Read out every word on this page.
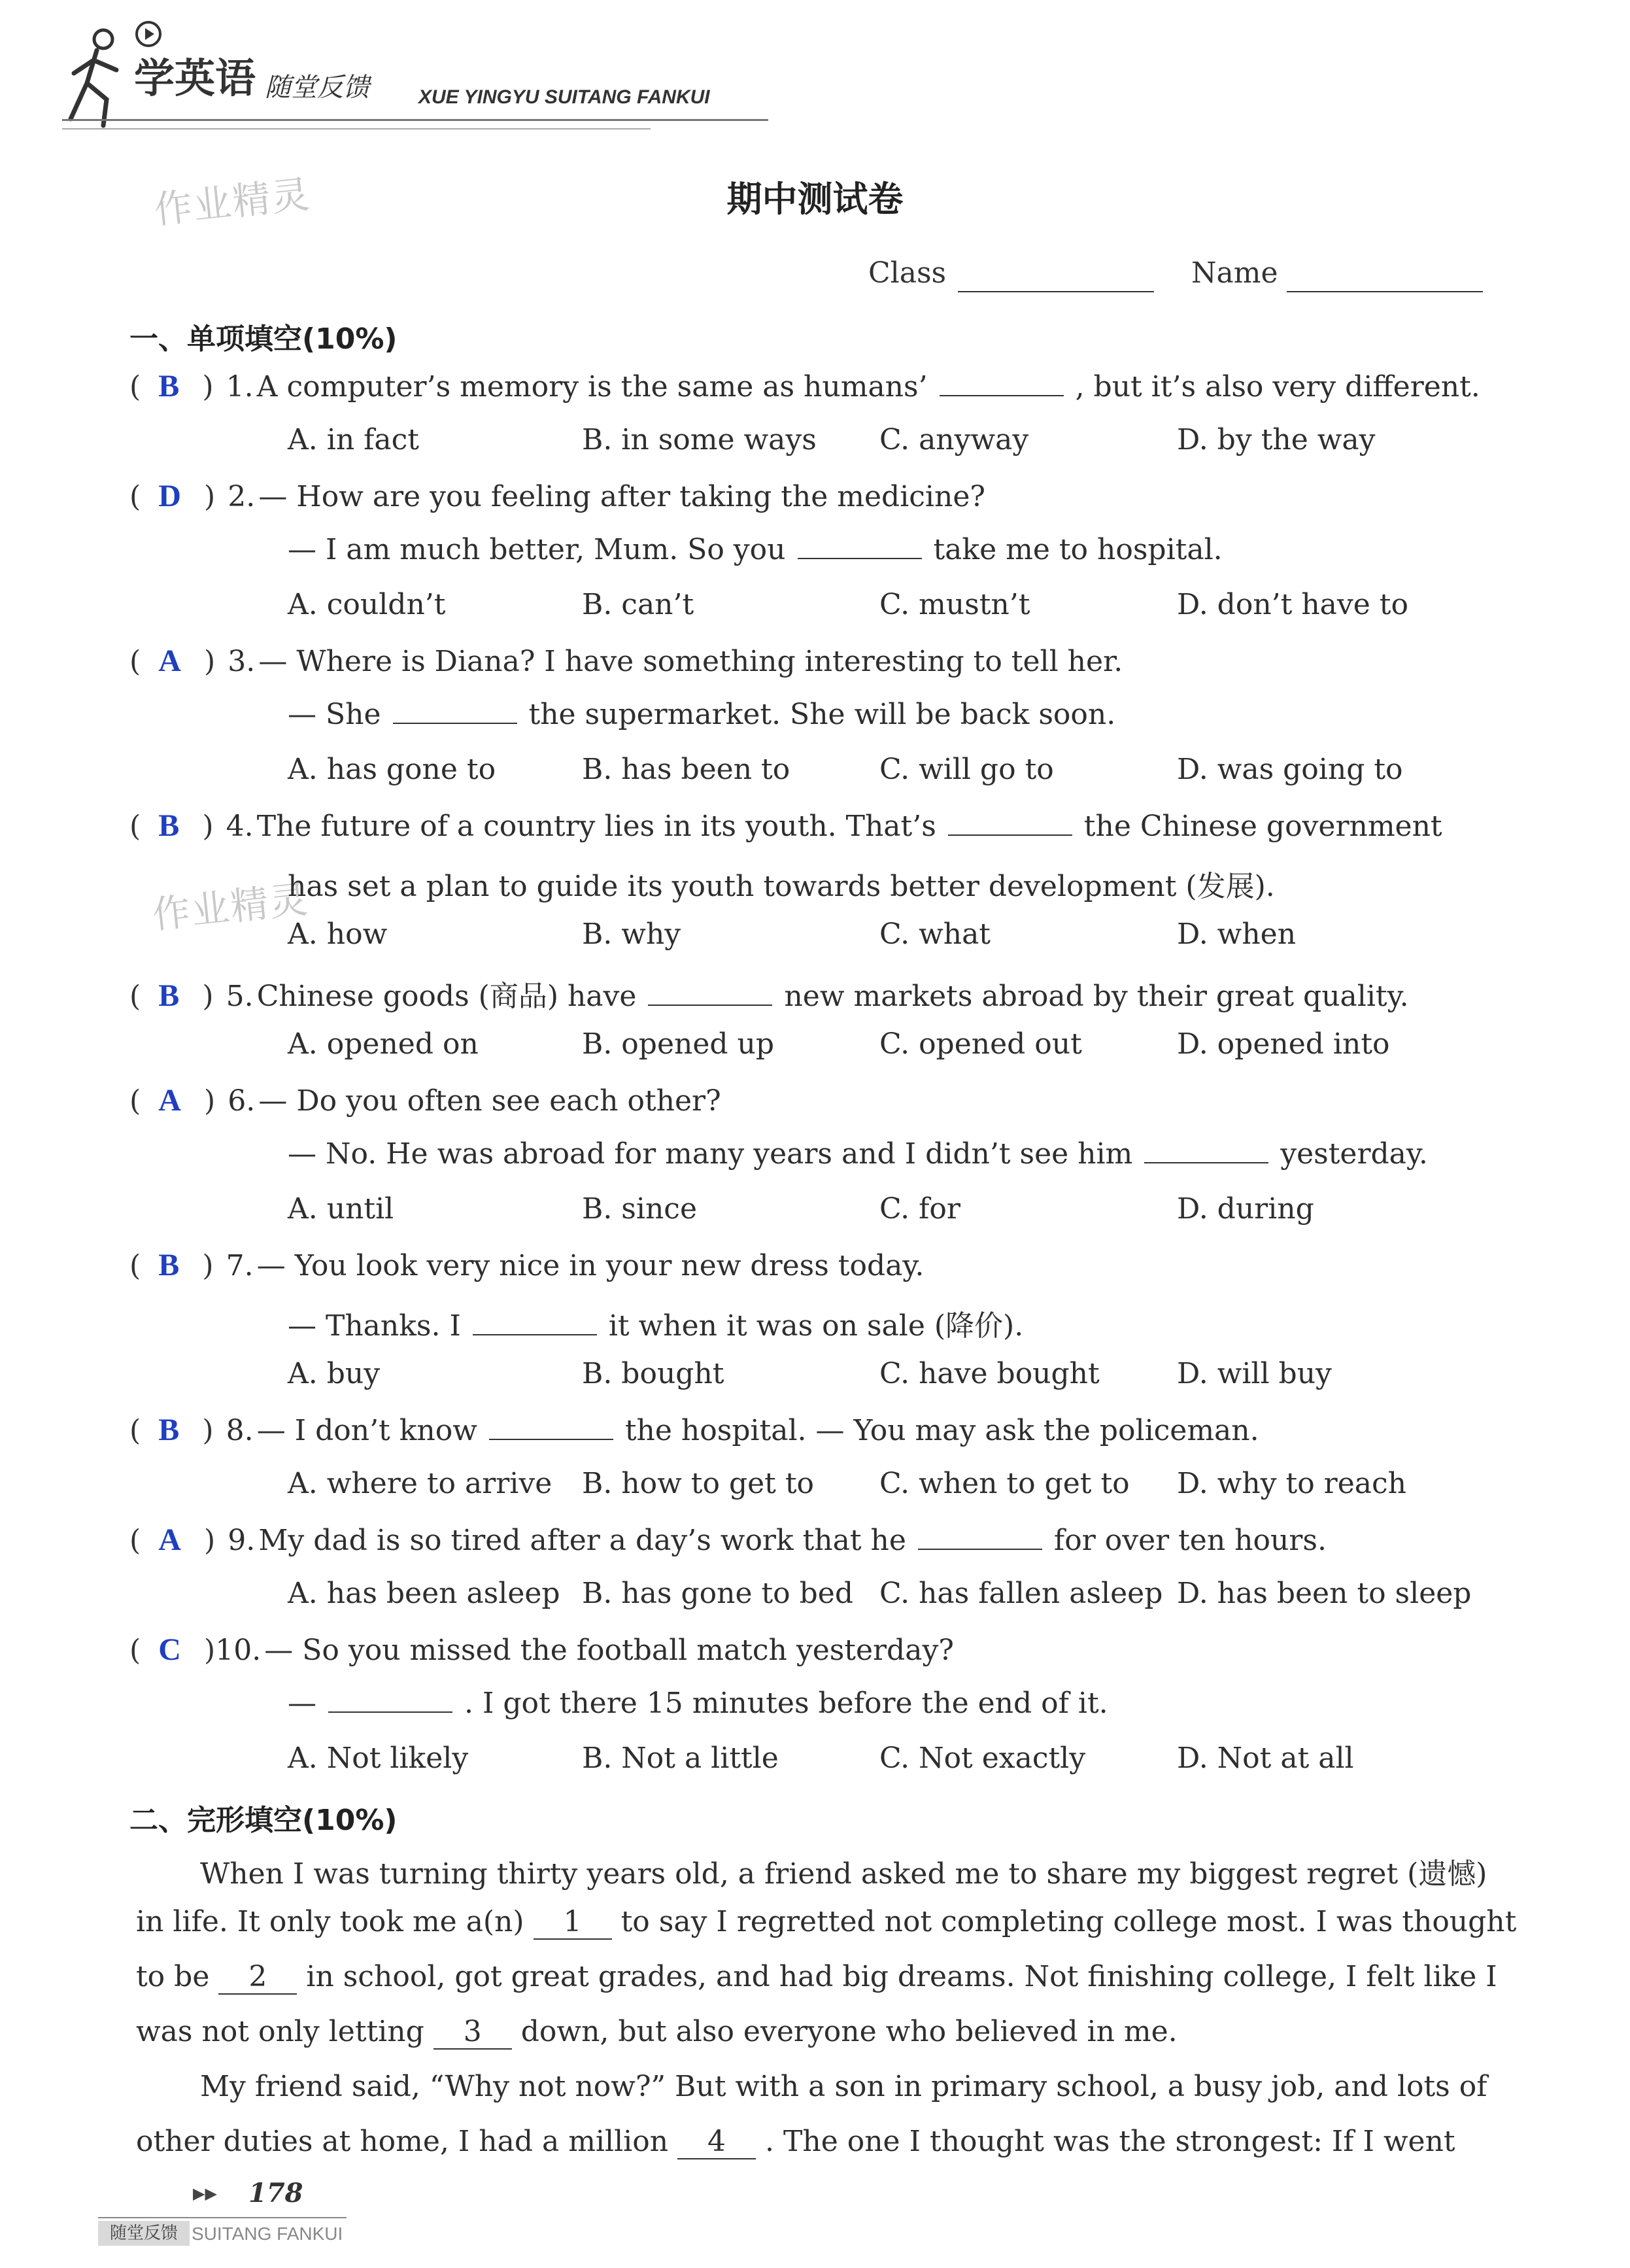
学英语 随堂反馈	XUE YINGYU SUITANG FANKUI
作业精灵
作业精灵
期中测试卷
Class	Name
一、单项填空(10%)
( B ) 1. A computer’s memory is the same as humans’	, but it’s also very different.
A. in fact	B. in some ways C. anyway	D. by the way
( D ) 2. — How are you feeling after taking the medicine?
— I am much better, Mum. So you	take me to hospital.
A. couldn’t	B. can’t	C. mustn’t	D. don’t have to
( A ) 3. — Where is Diana? I have something interesting to tell her.
— She	the supermarket. She will be back soon.
A. has gone to	B. has been to	C. will go to	D. was going to
( B ) 4. The future of a country lies in its youth. That’s	the Chinese government
has set a plan to guide its youth towards better development (发展).
A. how	B. why	C. what	D. when
( B ) 5. Chinese goods (商品) have	new markets abroad by their great quality.
A. opened on	B. opened up	C. opened out	D. opened into
( A ) 6. — Do you often see each other?
— No. He was abroad for many years and I didn’t see him	yesterday.
A. until	B. since	C. for	D. during
( B ) 7. — You look very nice in your new dress today.
— Thanks. I	it when it was on sale (降价).
A. buy	B. bought	C. have bought	D. will buy
( B ) 8. — I don’t know	the hospital. — You may ask the policeman.
A. where to arrive B. how to get to C. when to get to D. why to reach
( A ) 9. My dad is so tired after a day’s work that he	for over ten hours.
A. has been asleep B. has gone to bed C. has fallen asleep D. has been to sleep
( C )10. — So you missed the football match yesterday?
—	. I got there 15 minutes before the end of it.
A. Not likely	B. Not a little	C. Not exactly	D. Not at all
二、完形填空(10%)
When I was turning thirty years old, a friend asked me to share my biggest regret (遗憾)
in life. It only took me a(n) 1 to say I regretted not completing college most. I was thought
to be 2 in school, got great grades, and had big dreams. Not finishing college, I felt like I
was not only letting 3 down, but also everyone who believed in me.
My friend said, “Why not now?” But with a son in primary school, a busy job, and lots of
other duties at home, I had a million 4 . The one I thought was the strongest: If I went
▶▶ 178
随堂反馈 SUITANG FANKUI
